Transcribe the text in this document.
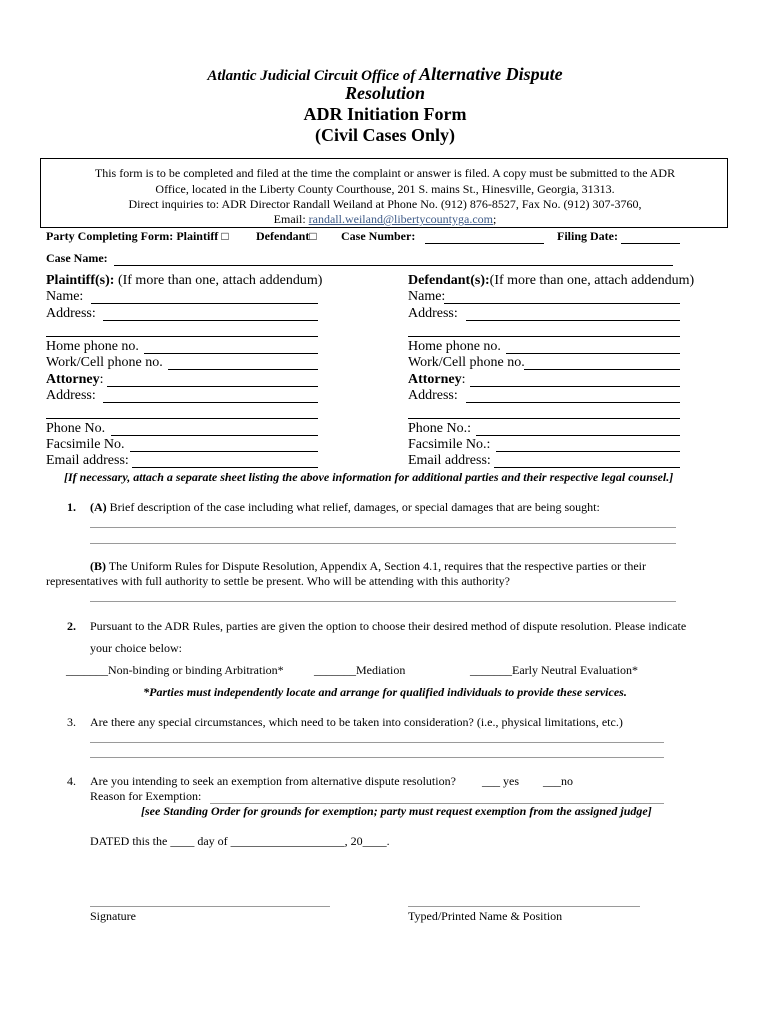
Atlantic Judicial Circuit Office of Alternative Dispute
Resolution
ADR Initiation Form
(Civil Cases Only)
This form is to be completed and filed at the time the complaint or answer is filed. A copy must be submitted to the ADR
Office, located in the Liberty County Courthouse, 201 S. mains St., Hinesville, Georgia, 31313.
Direct inquiries to: ADR Director Randall Weiland at Phone No. (912) 876-8527, Fax No. (912) 307-3760,
Email: randall.weiland@libertycountyga.com;
Party Completing Form: Plaintiff □ Defendant□ Case Number:	Filing Date:
Case Name:
Plaintiff(s): (If more than one, attach addendum)
Name:
Address:
Home phone no.
Work/Cell phone no.
Attorney:
Address:
Phone No.
Facsimile No.
Email address:
Defendant(s):(If more than one, attach addendum)
Name:
Address:
Home phone no.
Work/Cell phone no.
Attorney:
Address:
Phone No.:
Facsimile No.:
Email address:
[If necessary, attach a separate sheet listing the above information for additional parties and their respective legal counsel.]
1. (A) Brief description of the case including what relief, damages, or special damages that are being sought:
(B) The Uniform Rules for Dispute Resolution, Appendix A, Section 4.1, requires that the respective parties or their
representatives with full authority to settle be present. Who will be attending with this authority?
2. Pursuant to the ADR Rules, parties are given the option to choose their desired method of dispute resolution. Please indicate
your choice below:
_______Non-binding or binding Arbitration*	_______Mediation	_______Early Neutral Evaluation*
*Parties must independently locate and arrange for qualified individuals to provide these services.
3. Are there any special circumstances, which need to be taken into consideration? (i.e., physical limitations, etc.)
4. Are you intending to seek an exemption from alternative dispute resolution? ___ yes ___no
Reason for Exemption:
[see Standing Order for grounds for exemption; party must request exemption from the assigned judge]
DATED this the ____ day of ___________________, 20____.
Signature	Typed/Printed Name & Position
